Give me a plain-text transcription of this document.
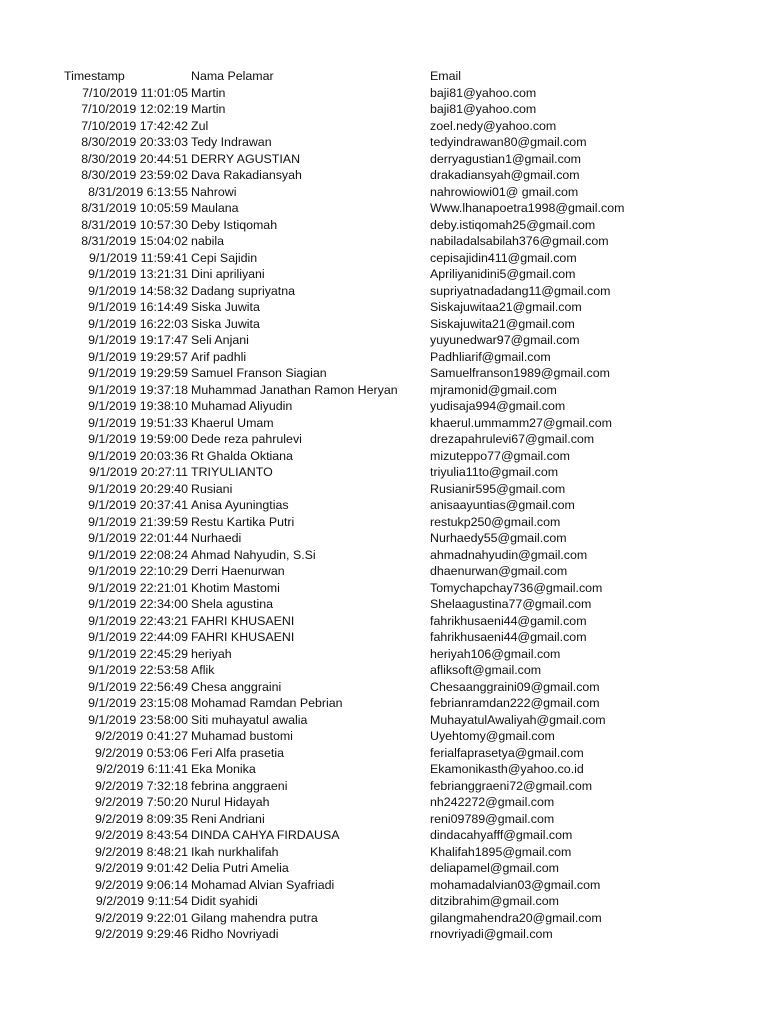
Timestamp	Nama Pelamar	Email
7/10/2019 11:01:05 Martin	baji81@yahoo.com
7/10/2019 12:02:19 Martin	baji81@yahoo.com
7/10/2019 17:42:42 Zul	zoel.nedy@yahoo.com
8/30/2019 20:33:03 Tedy Indrawan	tedyindrawan80@gmail.com
8/30/2019 20:44:51 DERRY AGUSTIAN	derryagustian1@gmail.com
8/30/2019 23:59:02 Dava Rakadiansyah	drakadiansyah@gmail.com
8/31/2019 6:13:55 Nahrowi	nahrowiowi01@ gmail.com
8/31/2019 10:05:59 Maulana	Www.lhanapoetra1998@gmail.com
8/31/2019 10:57:30 Deby Istiqomah	deby.istiqomah25@gmail.com
8/31/2019 15:04:02 nabila	nabiladalsabilah376@gmail.com
9/1/2019 11:59:41 Cepi Sajidin	cepisajidin411@gmail.com
9/1/2019 13:21:31 Dini apriliyani	Apriliyanidini5@gmail.com
9/1/2019 14:58:32 Dadang supriyatna	supriyatnadadang11@gmail.com
9/1/2019 16:14:49 Siska Juwita	Siskajuwitaa21@gmail.com
9/1/2019 16:22:03 Siska Juwita	Siskajuwita21@gmail.com
9/1/2019 19:17:47 Seli Anjani	yuyunedwar97@gmail.com
9/1/2019 19:29:57 Arif padhli	Padhliarif@gmail.com
9/1/2019 19:29:59 Samuel Franson Siagian	Samuelfranson1989@gmail.com
9/1/2019 19:37:18 Muhammad Janathan Ramon Heryan	mjramonid@gmail.com
9/1/2019 19:38:10 Muhamad Aliyudin	yudisaja994@gmail.com
9/1/2019 19:51:33 Khaerul Umam	khaerul.ummamm27@gmail.com
9/1/2019 19:59:00 Dede reza pahrulevi	drezapahrulevi67@gmail.com
9/1/2019 20:03:36 Rt Ghalda Oktiana	mizuteppo77@gmail.com
9/1/2019 20:27:11 TRIYULIANTO	triyulia11to@gmail.com
9/1/2019 20:29:40 Rusiani	Rusianir595@gmail.com
9/1/2019 20:37:41 Anisa Ayuningtias	anisaayuntias@gmail.com
9/1/2019 21:39:59 Restu Kartika Putri	restukp250@gmail.com
9/1/2019 22:01:44 Nurhaedi	Nurhaedy55@gmail.com
9/1/2019 22:08:24 Ahmad Nahyudin, S.Si	ahmadnahyudin@gmail.com
9/1/2019 22:10:29 Derri Haenurwan	dhaenurwan@gmail.com
9/1/2019 22:21:01 Khotim Mastomi	Tomychapchay736@gmail.com
9/1/2019 22:34:00 Shela agustina	Shelaagustina77@gmail.com
9/1/2019 22:43:21 FAHRI KHUSAENI	fahrikhusaeni44@gamil.com
9/1/2019 22:44:09 FAHRI KHUSAENI	fahrikhusaeni44@gmail.com
9/1/2019 22:45:29 heriyah	heriyah106@gmail.com
9/1/2019 22:53:58 Aflik	afliksoft@gmail.com
9/1/2019 22:56:49 Chesa anggraini	Chesaanggraini09@gmail.com
9/1/2019 23:15:08 Mohamad Ramdan Pebrian	febrianramdan222@gmail.com
9/1/2019 23:58:00 Siti muhayatul awalia	MuhayatulAwaliyah@gmail.com
9/2/2019 0:41:27 Muhamad bustomi	Uyehtomy@gmail.com
9/2/2019 0:53:06 Feri Alfa prasetia	ferialfaprasetya@gmail.com
9/2/2019 6:11:41 Eka Monika	Ekamonikasth@yahoo.co.id
9/2/2019 7:32:18 febrina anggraeni	febrianggraeni72@gmail.com
9/2/2019 7:50:20 Nurul Hidayah	nh242272@gmail.com
9/2/2019 8:09:35 Reni Andriani	reni09789@gmail.com
9/2/2019 8:43:54 DINDA CAHYA FIRDAUSA	dindacahyafff@gmail.com
9/2/2019 8:48:21 Ikah nurkhalifah	Khalifah1895@gmail.com
9/2/2019 9:01:42 Delia Putri Amelia	deliapamel@gmail.com
9/2/2019 9:06:14 Mohamad Alvian Syafriadi	mohamadalvian03@gmail.com
9/2/2019 9:11:54 Didit syahidi	ditzibrahim@gmail.com
9/2/2019 9:22:01 Gilang mahendra putra	gilangmahendra20@gmail.com
9/2/2019 9:29:46 Ridho Novriyadi	rnovriyadi@gmail.com
